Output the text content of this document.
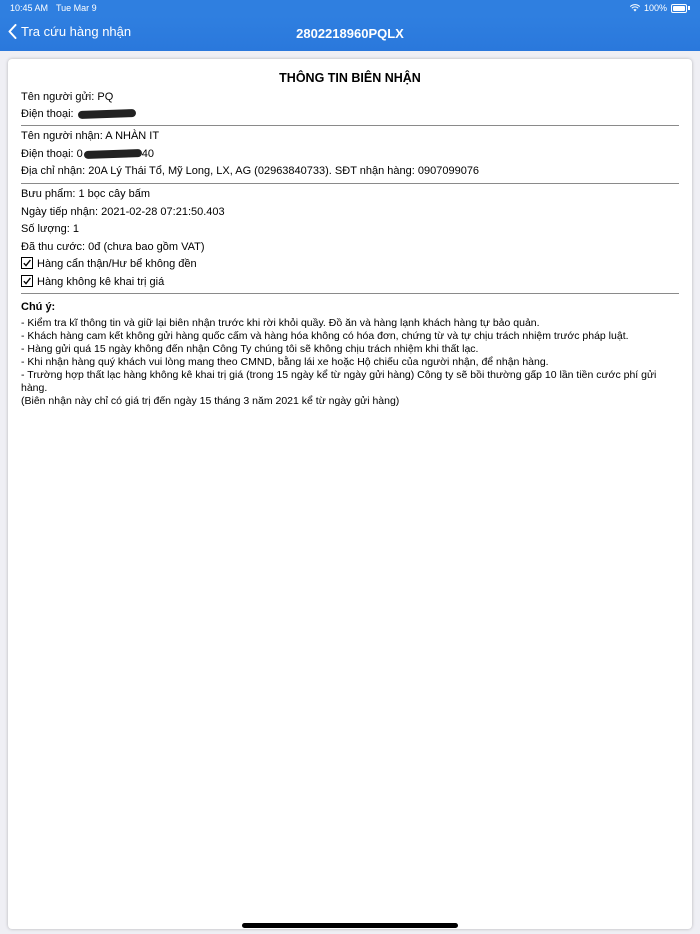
10:45 AM Tue Mar 9	100%
Tra cứu hàng nhận	2802218960PQLX
THÔNG TIN BIÊN NHẬN
Tên người gửi: PQ
Điện thoại:
Tên người nhận: A NHÀN IT
Điện thoại: 0	40
Địa chỉ nhận: 20A Lý Thái Tổ, Mỹ Long, LX, AG (02963840733). SĐT nhận hàng: 0907099076
Bưu phẩm: 1 bọc cây bấm
Ngày tiếp nhận: 2021-02-28 07:21:50.403
Số lượng: 1
Đã thu cước: 0đ (chưa bao gồm VAT)
Hàng cẩn thận/Hư bể không đền
Hàng không kê khai trị giá
Chú ý:
- Kiểm tra kĩ thông tin và giữ lại biên nhận trước khi rời khỏi quầy. Đồ ăn và hàng lạnh khách hàng tự bảo quản.
- Khách hàng cam kết không gửi hàng quốc cấm và hàng hóa không có hóa đơn, chứng từ và tự chịu trách nhiệm trước pháp luật.
- Hàng gửi quá 15 ngày không đến nhận Công Ty chúng tôi sẽ không chịu trách nhiệm khi thất lạc.
- Khi nhận hàng quý khách vui lòng mang theo CMND, bằng lái xe hoặc Hộ chiếu của người nhận, để nhận hàng.
- Trường hợp thất lạc hàng không kê khai trị giá (trong 15 ngày kể từ ngày gửi hàng) Công ty sẽ bồi thường gấp 10 lần tiền cước phí gửi hàng.
(Biên nhận này chỉ có giá trị đến ngày 15 tháng 3 năm 2021 kể từ ngày gửi hàng)
